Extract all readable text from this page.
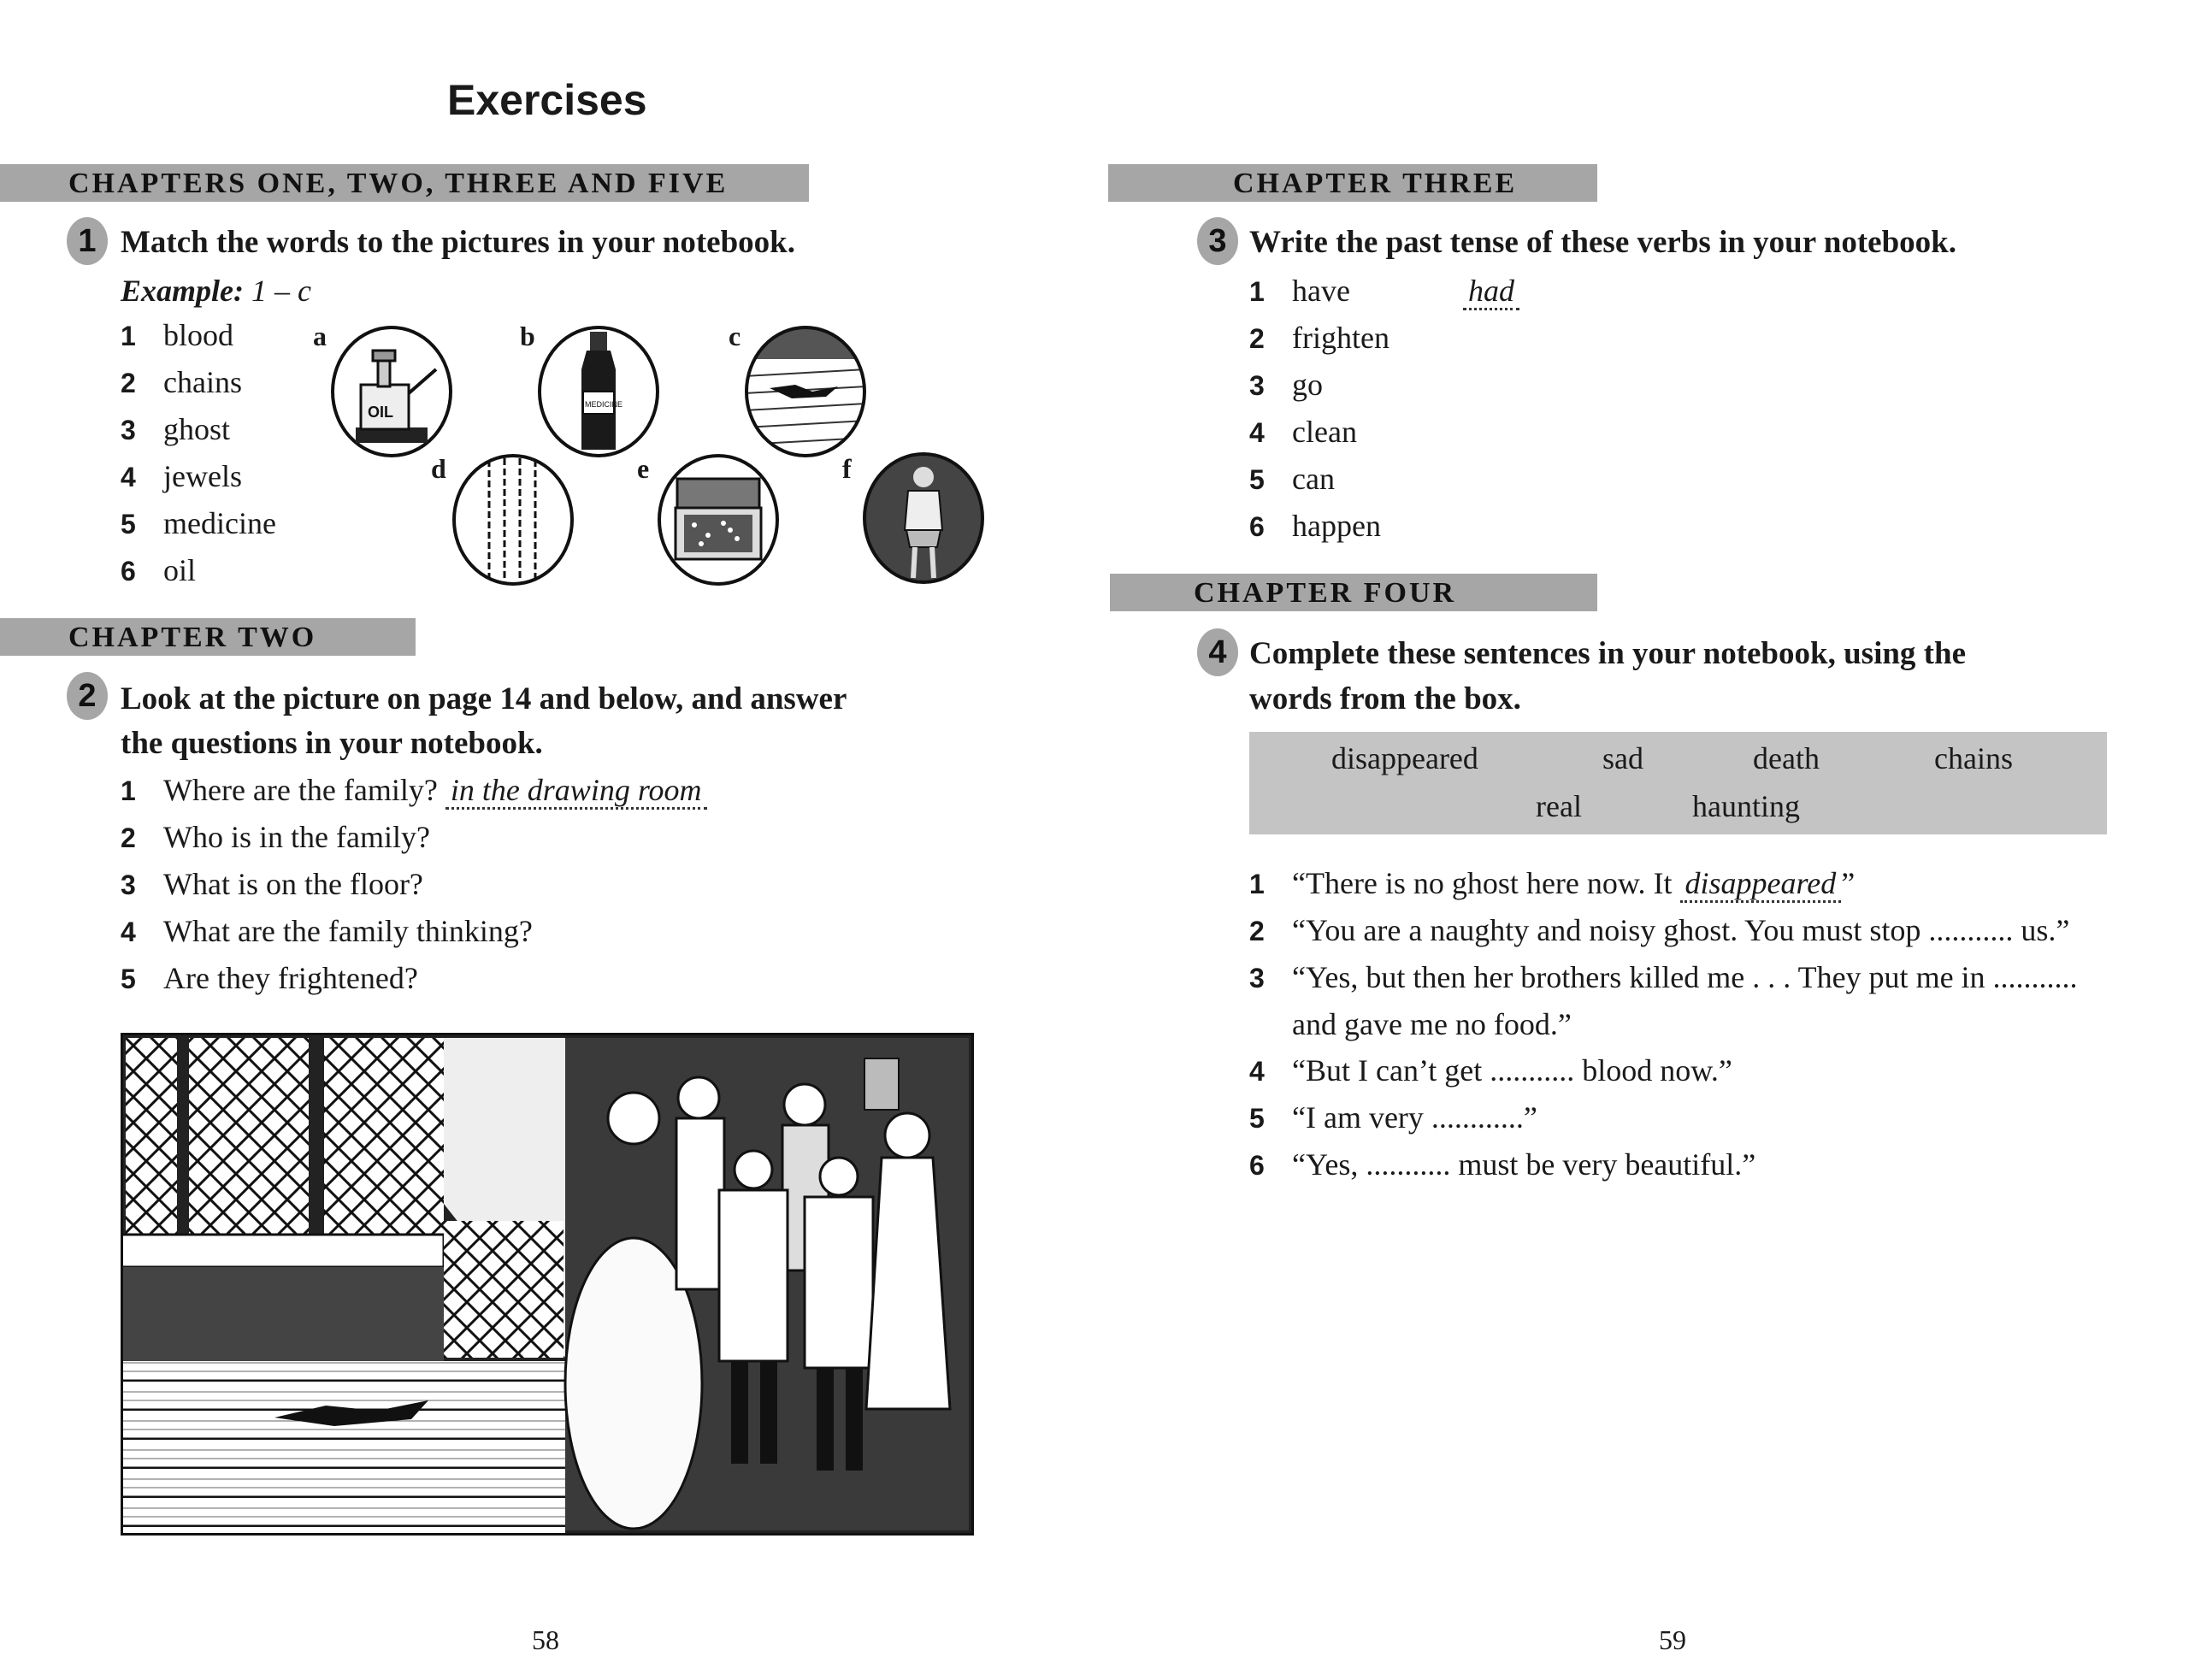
Exercises
CHAPTERS ONE, TWO, THREE AND FIVE
1 Match the words to the pictures in your notebook.
Example: 1 – c
1 blood
2 chains
3 ghost
4 jewels
5 medicine
6 oil
a	b	c
d	e	f
OIL	MEDICINE
CHAPTER TWO
2 Look at the picture on page 14 and below, and answer
the questions in your notebook.
1 Where are the family? in the drawing room
2 Who is in the family?
3 What is on the floor?
4 What are the family thinking?
5 Are they frightened?
58
CHAPTER THREE
3 Write the past tense of these verbs in your notebook.
1 have	had
2 frighten
3 go
4 clean
5 can
6 happen
CHAPTER FOUR
4 Complete these sentences in your notebook, using the
words from the box.
disappeared	sad	death	chains
real	haunting
1 “There is no ghost here now. It disappeared ”
2 “You are a naughty and noisy ghost. You must stop ........... us.”
3 “Yes, but then her brothers killed me . . . They put me in ...........
and gave me no food.”
4 “But I can’t get ........... blood now.”
5 “I am very ............”
6 “Yes, ........... must be very beautiful.”
59
